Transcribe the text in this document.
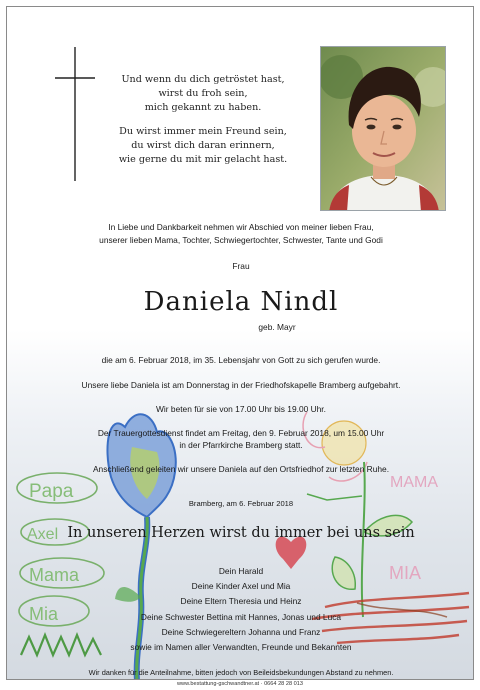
Papa
Axel
Mama
Mia
MAMA
MIA

Und wenn du dich getröstet hast,

wirst du froh sein,

mich gekannt zu haben.

Du wirst immer mein Freund sein,

du wirst dich daran erinnern,

wie gerne du mit mir gelacht hast.

In Liebe und Dankbarkeit nehmen wir Abschied von meiner lieben Frau,

unserer lieben Mama, Tochter, Schwiegertochter, Schwester, Tante und Godi

Frau
Daniela Nindl
geb. Mayr
die am 6. Februar 2018, im 35. Lebensjahr von Gott zu sich gerufen wurde.
Unsere liebe Daniela ist am Donnerstag in der Friedhofskapelle Bramberg aufgebahrt.
Wir beten für sie von 17.00 Uhr bis 19.00 Uhr.

Der Trauergottesdienst findet am Freitag, den 9. Februar 2018, um 15.00 Uhr

in der Pfarrkirche Bramberg statt.

Anschließend geleiten wir unsere Daniela auf den Ortsfriedhof zur letzten Ruhe.
Bramberg, am 6. Februar 2018
In unseren Herzen wirst du immer bei uns sein

Dein Harald

Deine Kinder Axel und Mia

Deine Eltern Theresia und Heinz

Deine Schwester Bettina mit Hannes, Jonas und Luca

Deine Schwiegereltern Johanna und Franz

sowie im Namen aller Verwandten, Freunde und Bekannten

Wir danken für die Anteilnahme, bitten jedoch von Beileidsbekundungen Abstand zu nehmen.
www.bestattung-gschwandtner.at · 0664 28 28 013
